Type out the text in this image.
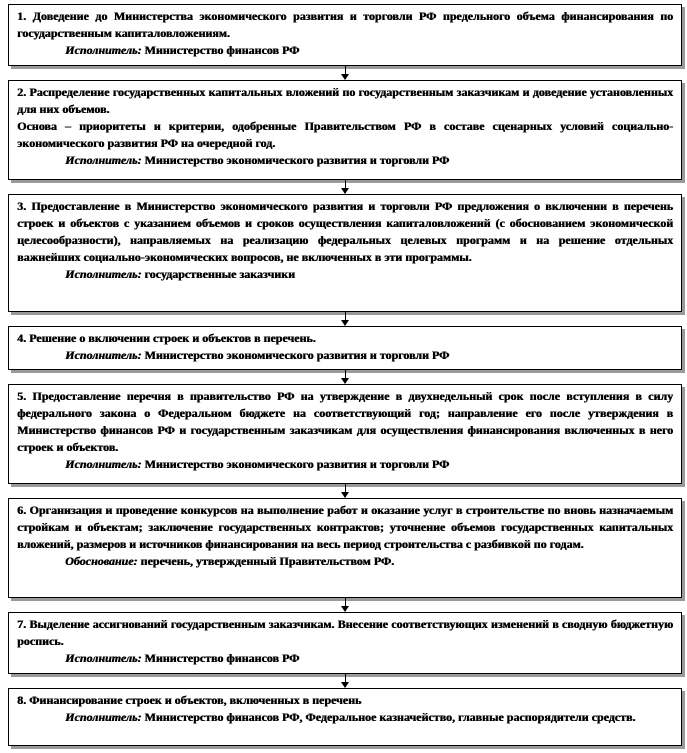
1. Доведение до Министерства экономического развития и торговли РФ предельного объема финансирования по государственным капиталовложениям.

Исполнитель: Министерство финансов РФ

2. Распределение государственных капитальных вложений по государственным заказчикам и доведение установленных для них объемов.

Основа – приоритеты и критерии, одобренные Правительством РФ в составе сценарных условий социально-экономического развития РФ на очередной год.

Исполнитель: Министерство экономического развития и торговли РФ

3. Предоставление в Министерство экономического развития и торговли РФ предложения о включении в перечень строек и объектов с указанием объемов и сроков осуществления капиталовложений (с обоснованием экономической целесообразности), направляемых на реализацию федеральных целевых программ и на решение отдельных важнейших социально-экономических вопросов, не включенных в эти программы.

Исполнитель: государственные заказчики

4. Решение о включении строек и объектов в перечень.

Исполнитель: Министерство экономического развития и торговли РФ

5. Предоставление перечня в правительство РФ на утверждение в двухнедельный срок после вступления в силу федерального закона о Федеральном бюджете на соответствующий год; направление его после утверждения в Министерство финансов РФ и государственным заказчикам для осуществления финансирования включенных в него строек и объектов.

Исполнитель: Министерство экономического развития и торговли РФ

6. Организация и проведение конкурсов на выполнение работ и оказание услуг в строительстве по вновь назначаемым стройкам и объектам; заключение государственных контрактов; уточнение объемов государственных капитальных вложений, размеров и источников финансирования на весь период строительства с разбивкой по годам.

Обоснование: перечень, утвержденный Правительством РФ.

7. Выделение ассигнований государственным заказчикам. Внесение соответствующих изменений в сводную бюджетную роспись.

Исполнитель: Министерство финансов РФ

8. Финансирование строек и объектов, включенных в перечень

Исполнитель: Министерство финансов РФ, Федеральное казначейство, главные распорядители средств.
